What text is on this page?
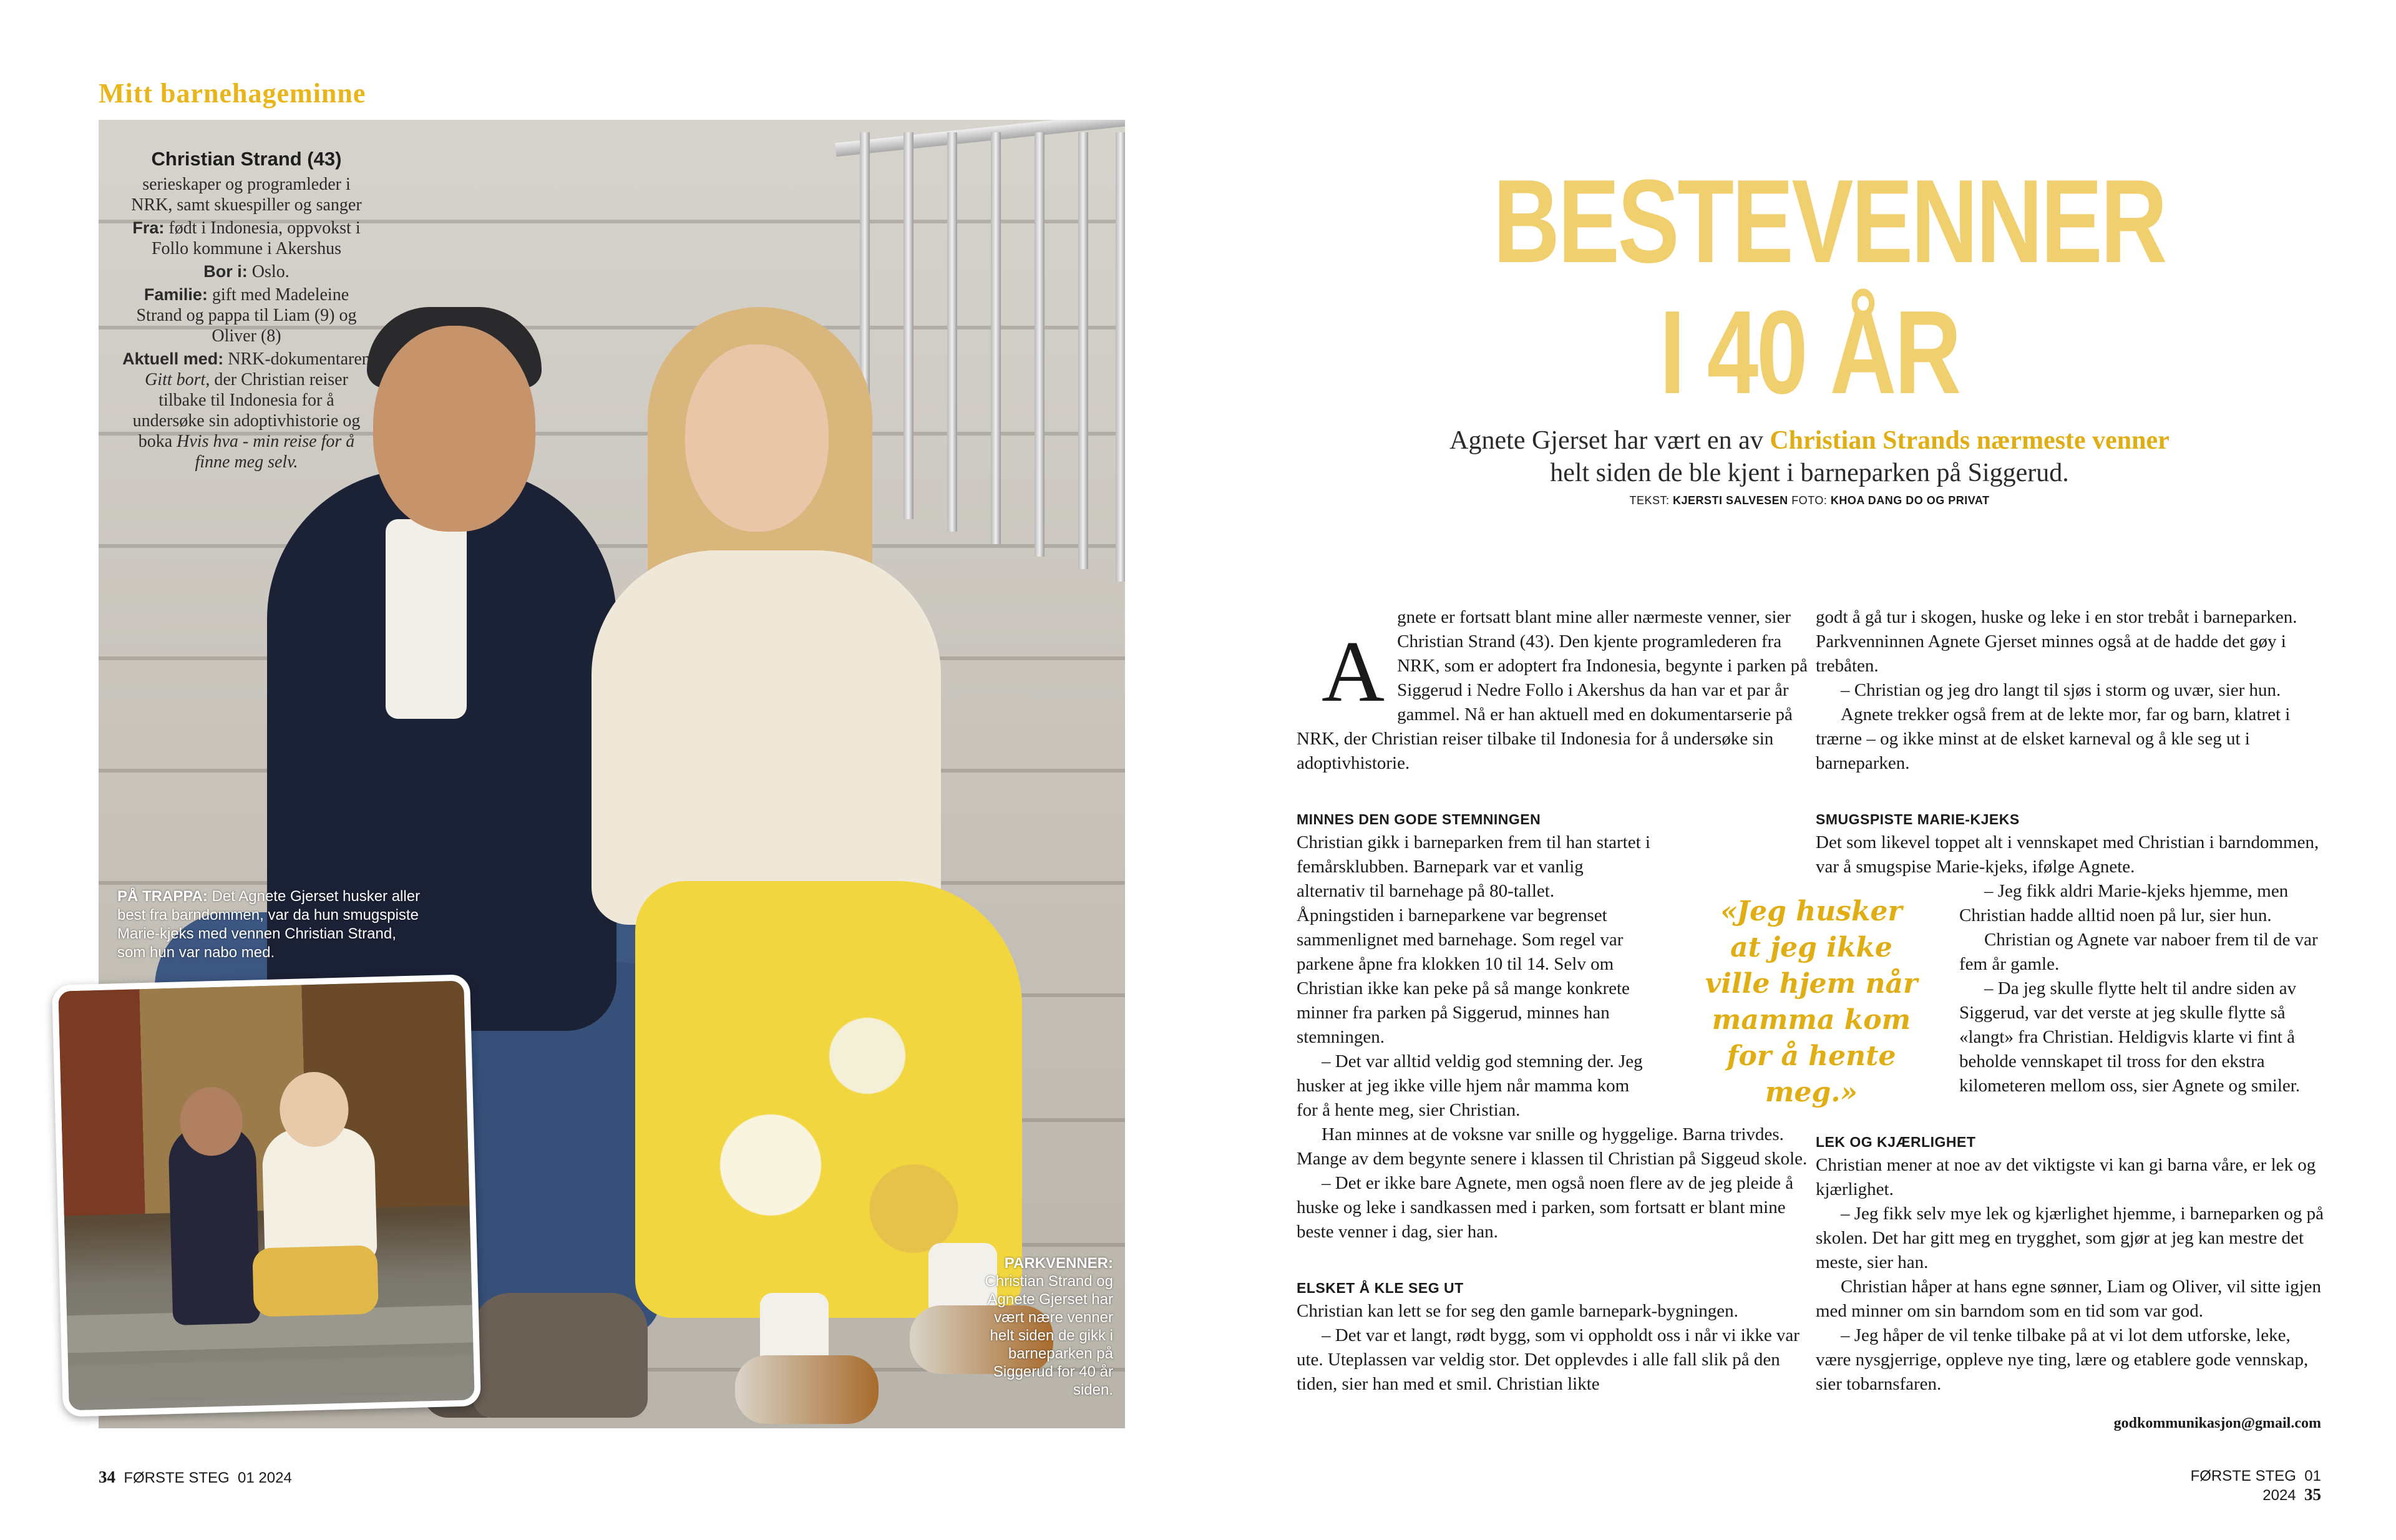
Mitt barnehageminne

Christian Strand (43)

serieskaper og programleder i NRK, samt skuespiller og sanger

Fra: født i Indonesia, oppvokst i Follo kommune i Akershus

Bor i: Oslo.

Familie: gift med Madeleine Strand og pappa til Liam (9) og Oliver (8)

Aktuell med: NRK-dokumentaren Gitt bort, der Christian reiser tilbake til Indonesia for å undersøke sin adoptivhistorie og boka Hvis hva - min reise for å finne meg selv.

PÅ TRAPPA: Det Agnete Gjerset husker aller best fra barndommen, var da hun smugspiste Marie-kjeks med vennen Christian Strand, som hun var nabo med.
PARKVENNER:
Christian Strand og Agnete Gjerset har vært nære venner helt siden de gikk i barneparken på Siggerud for 40 år siden.
34 FØRSTE STEG 01 2024
BESTEVENNER
I 40 ÅR
Agnete Gjerset har vært en av Christian Strands nærmeste venner helt siden de ble kjent i barneparken på Siggerud.
TEKST: KJERSTI SALVESEN FOTO: KHOA DANG DO OG PRIVAT

A
gnete er fortsatt blant mine aller nærmeste venner, sier Christian Strand (43). Den kjente programlederen fra NRK, som er adoptert fra Indonesia, begynte i parken på Siggerud i Nedre Follo i Akershus da han var et par år gammel. Nå er han aktuell med en dokumentarserie på NRK, der Christian reiser tilbake til Indonesia for å undersøke sin adoptivhistorie.

MINNES DEN GODE STEMNINGEN

Christian gikk i barneparken frem til han startet i femårsklubben. Barnepark var et vanlig alternativ til barnehage på 80-tallet. Åpningstiden i barneparkene var begrenset sammenlignet med barnehage. Som regel var parkene åpne fra klokken 10 til 14. Selv om Christian ikke kan peke på så mange konkrete minner fra parken på Siggerud, minnes han stemningen.

– Det var alltid veldig god stemning der. Jeg husker at jeg ikke ville hjem når mamma kom for å hente meg, sier Christian.

Han minnes at de voksne var snille og hyggelige. Barna trivdes. Mange av dem begynte senere i klassen til Christian på Siggeud skole.

– Det er ikke bare Agnete, men også noen flere av de jeg pleide å huske og leke i sandkassen med i parken, som fortsatt er blant mine beste venner i dag, sier han.

ELSKET Å KLE SEG UT

Christian kan lett se for seg den gamle barnepark-bygningen.

– Det var et langt, rødt bygg, som vi oppholdt oss i når vi ikke var ute. Uteplassen var veldig stor. Det opplevdes i alle fall slik på den tiden, sier han med et smil. Christian likte

godt å gå tur i skogen, huske og leke i en stor trebåt i barneparken. Parkvenninnen Agnete Gjerset minnes også at de hadde det gøy i trebåten.

– Christian og jeg dro langt til sjøs i storm og uvær, sier hun.

Agnete trekker også frem at de lekte mor, far og barn, klatret i trærne – og ikke minst at de elsket karneval og å kle seg ut i barneparken.

SMUGSPISTE MARIE-KJEKS

Det som likevel toppet alt i vennskapet med Christian i barndommen, var å smugspise Marie-kjeks, ifølge Agnete.

– Jeg fikk aldri Marie-kjeks hjemme, men Christian hadde alltid noen på lur, sier hun.

Christian og Agnete var naboer frem til de var fem år gamle.

– Da jeg skulle flytte helt til andre siden av Siggerud, var det verste at jeg skulle flytte så «langt» fra Christian. Heldigvis klarte vi fint å beholde vennskapet til tross for den ekstra kilometeren mellom oss, sier Agnete og smiler.

LEK OG KJÆRLIGHET

Christian mener at noe av det viktigste vi kan gi barna våre, er lek og kjærlighet.

– Jeg fikk selv mye lek og kjærlighet hjemme, i barneparken og på skolen. Det har gitt meg en trygghet, som gjør at jeg kan mestre det meste, sier han.

Christian håper at hans egne sønner, Liam og Oliver, vil sitte igjen med minner om sin barndom som en tid som var god.

– Jeg håper de vil tenke tilbake på at vi lot dem utforske, leke, være nysgjerrige, oppleve nye ting, lære og etablere gode vennskap, sier tobarnsfaren.

«Jeg husker at jeg ikke ville hjem når mamma kom for å hente meg.»
godkommunikasjon@gmail.com
FØRSTE STEG 01 2024 35
